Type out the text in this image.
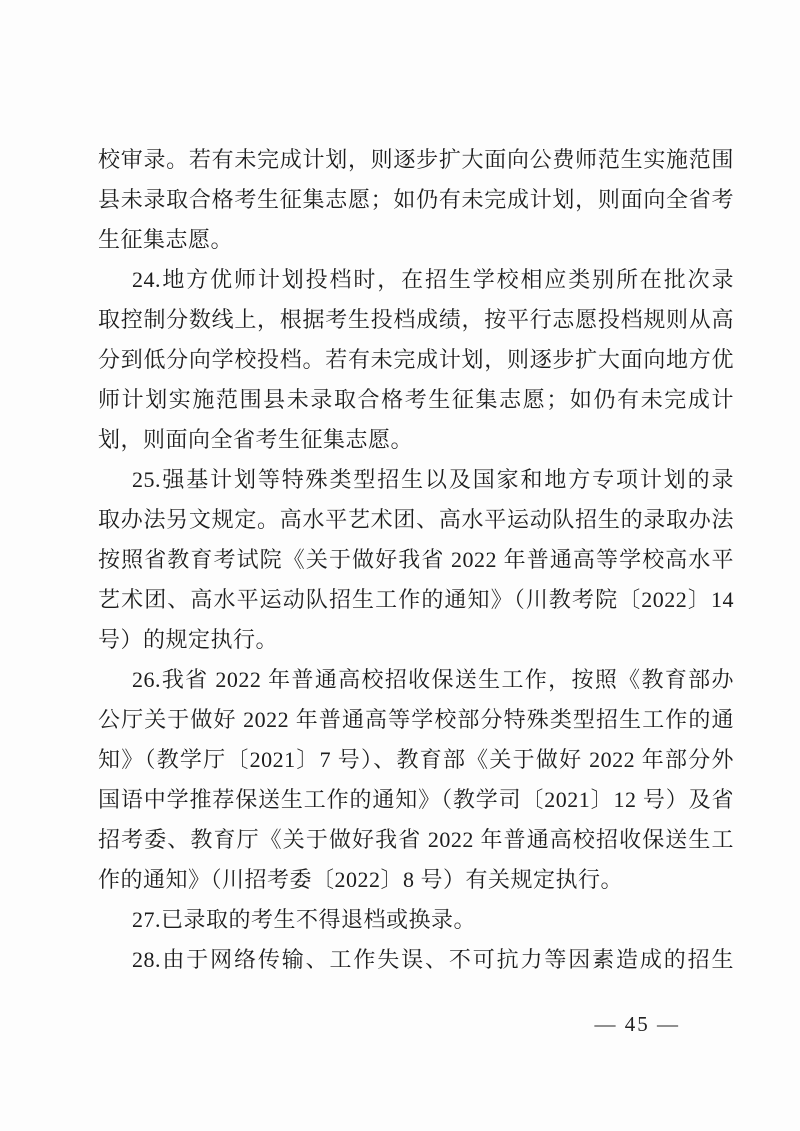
校审录。若有未完成计划，则逐步扩大面向公费师范生实施范围
县未录取合格考生征集志愿；如仍有未完成计划，则面向全省考
生征集志愿。
24.地方优师计划投档时，在招生学校相应类别所在批次录
取控制分数线上，根据考生投档成绩，按平行志愿投档规则从高
分到低分向学校投档。若有未完成计划，则逐步扩大面向地方优
师计划实施范围县未录取合格考生征集志愿；如仍有未完成计
划，则面向全省考生征集志愿。
25.强基计划等特殊类型招生以及国家和地方专项计划的录
取办法另文规定。高水平艺术团、高水平运动队招生的录取办法
按照省教育考试院《关于做好我省 2022 年普通高等学校高水平
艺术团、高水平运动队招生工作的通知》（川教考院〔2022〕14
号）的规定执行。
26.我省 2022 年普通高校招收保送生工作，按照《教育部办
公厅关于做好 2022 年普通高等学校部分特殊类型招生工作的通
知》（教学厅〔2021〕7 号）、教育部《关于做好 2022 年部分外
国语中学推荐保送生工作的通知》（教学司〔2021〕12 号）及省
招考委、教育厅《关于做好我省 2022 年普通高校招收保送生工
作的通知》（川招考委〔2022〕8 号）有关规定执行。
27.已录取的考生不得退档或换录。
28.由于网络传输、工作失误、不可抗力等因素造成的招生
— 45 —
